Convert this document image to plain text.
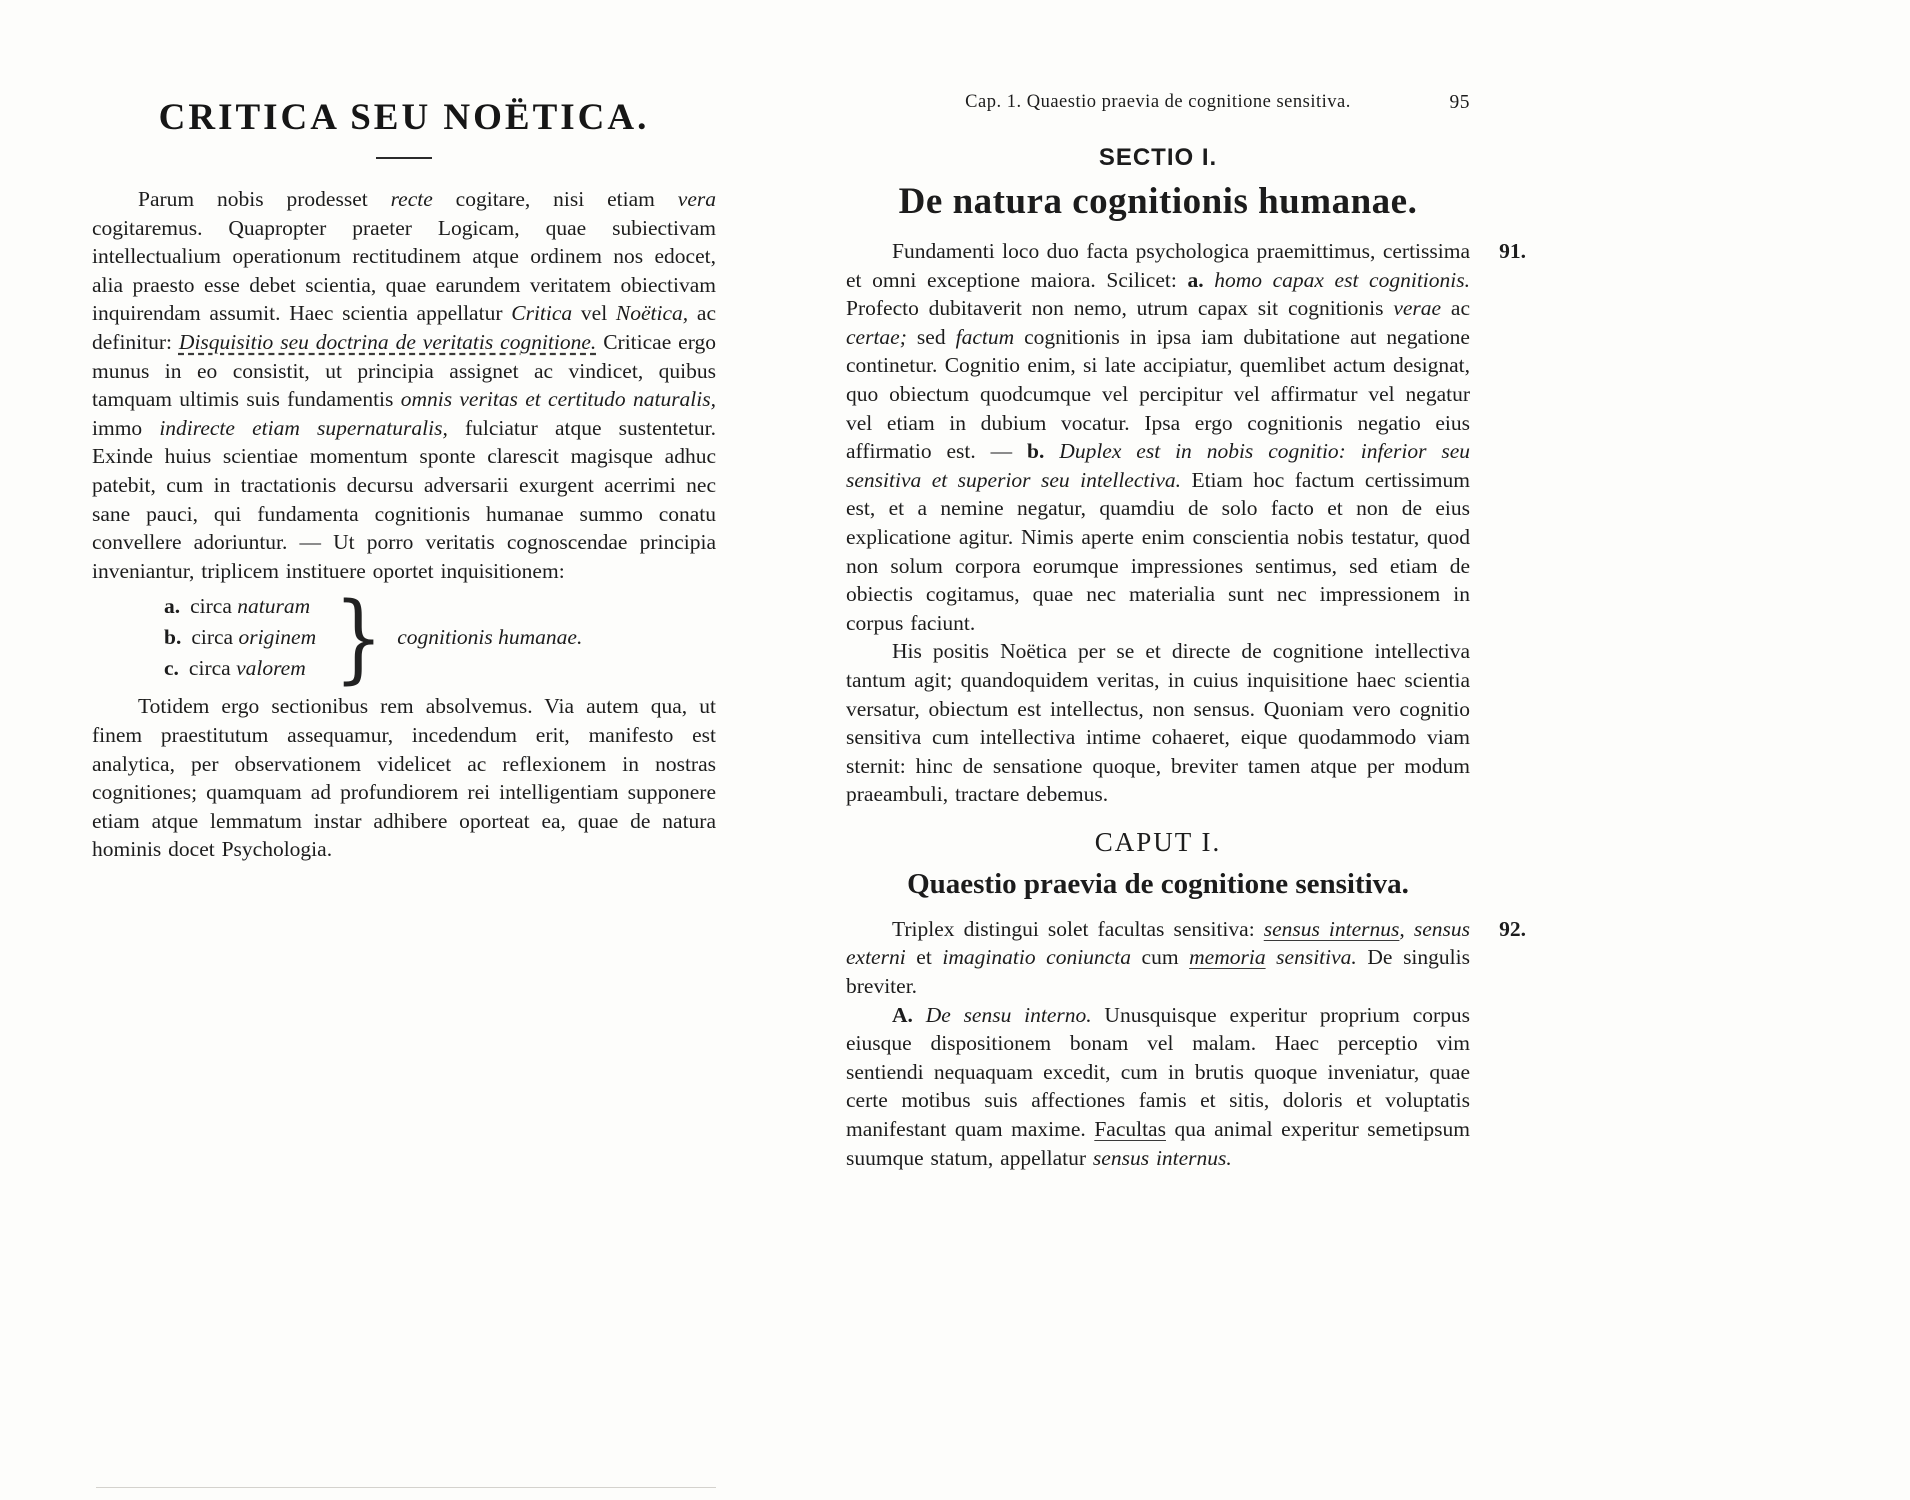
CRITICA SEU NOËTICA.

Parum nobis prodesset recte cogitare, nisi etiam vera cogitaremus. Quapropter praeter Logicam, quae subiectivam intellectualium operationum rectitudinem atque ordinem nos edocet, alia praesto esse debet scientia, quae earundem veritatem obiectivam inquirendam assumit. Haec scientia appellatur Critica vel Noëtica, ac definitur: Disquisitio seu doctrina de veritatis cognitione. Criticae ergo munus in eo consistit, ut principia assignet ac vindicet, quibus tamquam ultimis suis fundamentis omnis veritas et certitudo naturalis, immo indirecte etiam supernaturalis, fulciatur atque sustentetur. Exinde huius scientiae momentum sponte clarescit magisque adhuc patebit, cum in tractationis decursu adversarii exurgent acerrimi nec sane pauci, qui fundamenta cognitionis humanae summo conatu convellere adoriuntur. — Ut porro veritatis cognoscendae principia inveniantur, triplicem instituere oportet inquisitionem:

a. circa naturam
b. circa originem
c. circa valorem } cognitionis humanae.

Totidem ergo sectionibus rem absolvemus. Via autem qua, ut finem praestitutum assequamur, incedendum erit, manifesto est analytica, per observationem videlicet ac reflexionem in nostras cognitiones; quamquam ad profundiorem rei intelligentiam supponere etiam atque lemmatum instar adhibere oporteat ea, quae de natura hominis docet Psychologia.

Cap. 1. Quaestio praevia de cognitione sensitiva.	95
SECTIO I.
De natura cognitionis humanae.

Fundamenti loco duo facta psychologica praemittimus, certissima et omni exceptione maiora. Scilicet: a. homo capax est cognitionis. Profecto dubitaverit non nemo, utrum capax sit cognitionis verae ac certae; sed factum cognitionis in ipsa iam dubitatione aut negatione continetur. Cognitio enim, si late accipiatur, quemlibet actum designat, quo obiectum quodcumque vel percipitur vel affirmatur vel negatur vel etiam in dubium vocatur. Ipsa ergo cognitionis negatio eius affirmatio est. — b. Duplex est in nobis cognitio: inferior seu sensitiva et superior seu intellectiva. Etiam hoc factum certissimum est, et a nemine negatur, quamdiu de solo facto et non de eius explicatione agitur. Nimis aperte enim conscientia nobis testatur, quod non solum corpora eorumque impressiones sentimus, sed etiam de obiectis cogitamus, quae nec materialia sunt nec impressionem in corpus faciunt.

91.

His positis Noëtica per se et directe de cognitione intellectiva tantum agit; quandoquidem veritas, in cuius inquisitione haec scientia versatur, obiectum est intellectus, non sensus. Quoniam vero cognitio sensitiva cum intellectiva intime cohaeret, eique quodammodo viam sternit: hinc de sensatione quoque, breviter tamen atque per modum praeambuli, tractare debemus.

CAPUT I.
Quaestio praevia de cognitione sensitiva.

Triplex distingui solet facultas sensitiva: sensus internus, sensus externi et imaginatio coniuncta cum memoria sensitiva. De singulis breviter.

92.

A. De sensu interno. Unusquisque experitur proprium corpus eiusque dispositionem bonam vel malam. Haec perceptio vim sentiendi nequaquam excedit, cum in brutis quoque inveniatur, quae certe motibus suis affectiones famis et sitis, doloris et voluptatis manifestant quam maxime. Facultas qua animal experitur semetipsum suumque statum, appellatur sensus internus.
